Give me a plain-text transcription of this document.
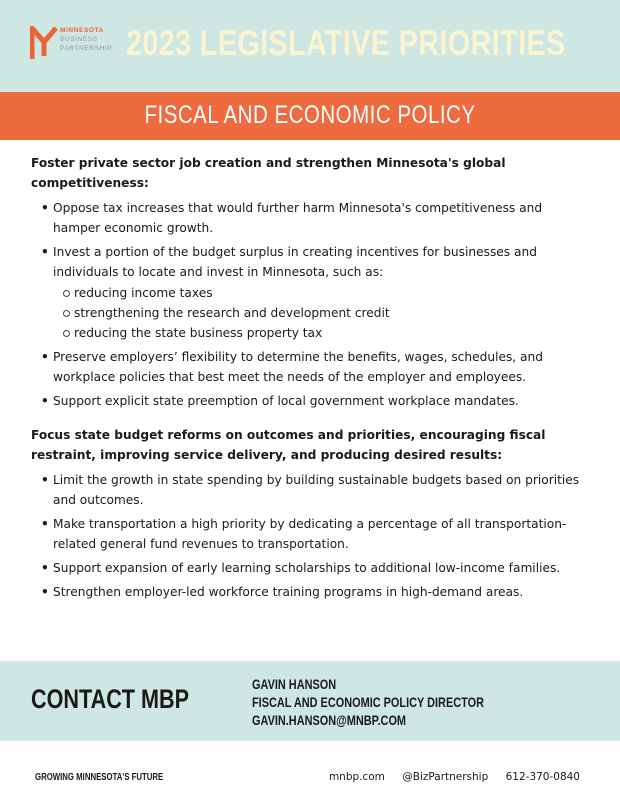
MINNESOTA
BUSINESS
PARTNERSHIP 2023 LEGISLATIVE PRIORITIES
FISCAL AND ECONOMIC POLICY
Foster private sector job creation and strengthen Minnesota's global
competitiveness:
• Oppose tax increases that would further harm Minnesota's competitiveness and hamper economic growth.
• Invest a portion of the budget surplus in creating incentives for businesses and individuals to locate and invest in Minnesota, such as:
reducing income taxes
strengthening the research and development credit
reducing the state business property tax
• Preserve employers’ flexibility to determine the benefits, wages, schedules, and workplace policies that best meet the needs of the employer and employees.
• Support explicit state preemption of local government workplace mandates.
Focus state budget reforms on outcomes and priorities, encouraging fiscal
restraint, improving service delivery, and producing desired results:
• Limit the growth in state spending by building sustainable budgets based on priorities and outcomes.
• Make transportation a high priority by dedicating a percentage of all transportation-related general fund revenues to transportation.
• Support expansion of early learning scholarships to additional low-income families.
• Strengthen employer-led workforce training programs in high-demand areas.
CONTACT MBP	GAVIN HANSON
FISCAL AND ECONOMIC POLICY DIRECTOR
GAVIN.HANSON@MNBP.COM
GROWING MINNESOTA'S FUTURE	mnbp.com @BizPartnership 612-370-0840
